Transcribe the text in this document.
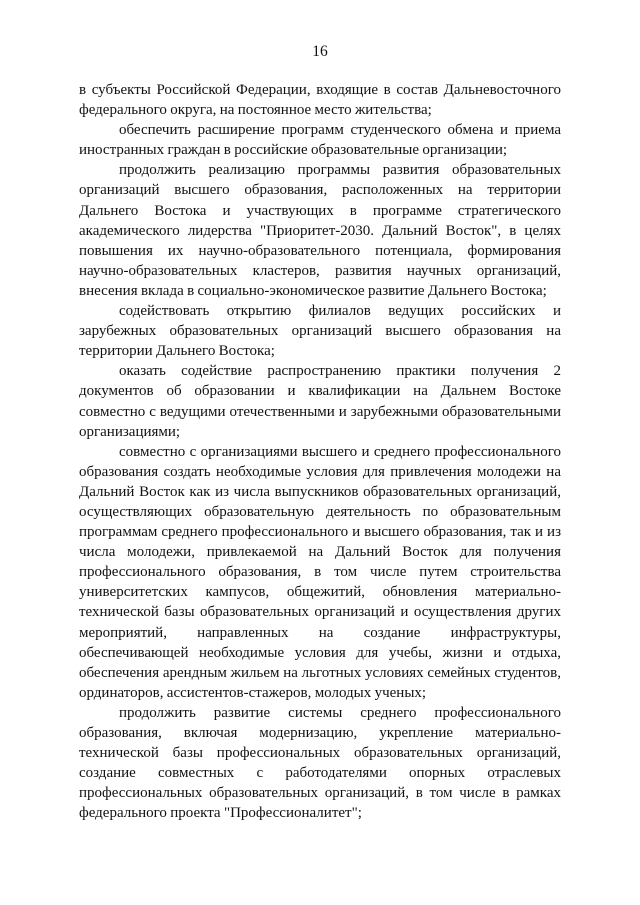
16

в субъекты Российской Федерации, входящие в состав Дальневосточного федерального округа, на постоянное место жительства;

обеспечить расширение программ студенческого обмена и приема иностранных граждан в российские образовательные организации;

продолжить реализацию программы развития образовательных организаций высшего образования, расположенных на территории Дальнего Востока и участвующих в программе стратегического академического лидерства "Приоритет-2030. Дальний Восток", в целях повышения их научно-образовательного потенциала, формирования научно-образовательных кластеров, развития научных организаций, внесения вклада в социально-экономическое развитие Дальнего Востока;

содействовать открытию филиалов ведущих российских и зарубежных образовательных организаций высшего образования на территории Дальнего Востока;

оказать содействие распространению практики получения 2 документов об образовании и квалификации на Дальнем Востоке совместно с ведущими отечественными и зарубежными образовательными организациями;

совместно с организациями высшего и среднего профессионального образования создать необходимые условия для привлечения молодежи на Дальний Восток как из числа выпускников образовательных организаций, осуществляющих образовательную деятельность по образовательным программам среднего профессионального и высшего образования, так и из числа молодежи, привлекаемой на Дальний Восток для получения профессионального образования, в том числе путем строительства университетских кампусов, общежитий, обновления материально-технической базы образовательных организаций и осуществления других мероприятий, направленных на создание инфраструктуры, обеспечивающей необходимые условия для учебы, жизни и отдыха, обеспечения арендным жильем на льготных условиях семейных студентов, ординаторов, ассистентов-стажеров, молодых ученых;

продолжить развитие системы среднего профессионального образования, включая модернизацию, укрепление материально-технической базы профессиональных образовательных организаций, создание совместных с работодателями опорных отраслевых профессиональных образовательных организаций, в том числе в рамках федерального проекта "Профессионалитет";
